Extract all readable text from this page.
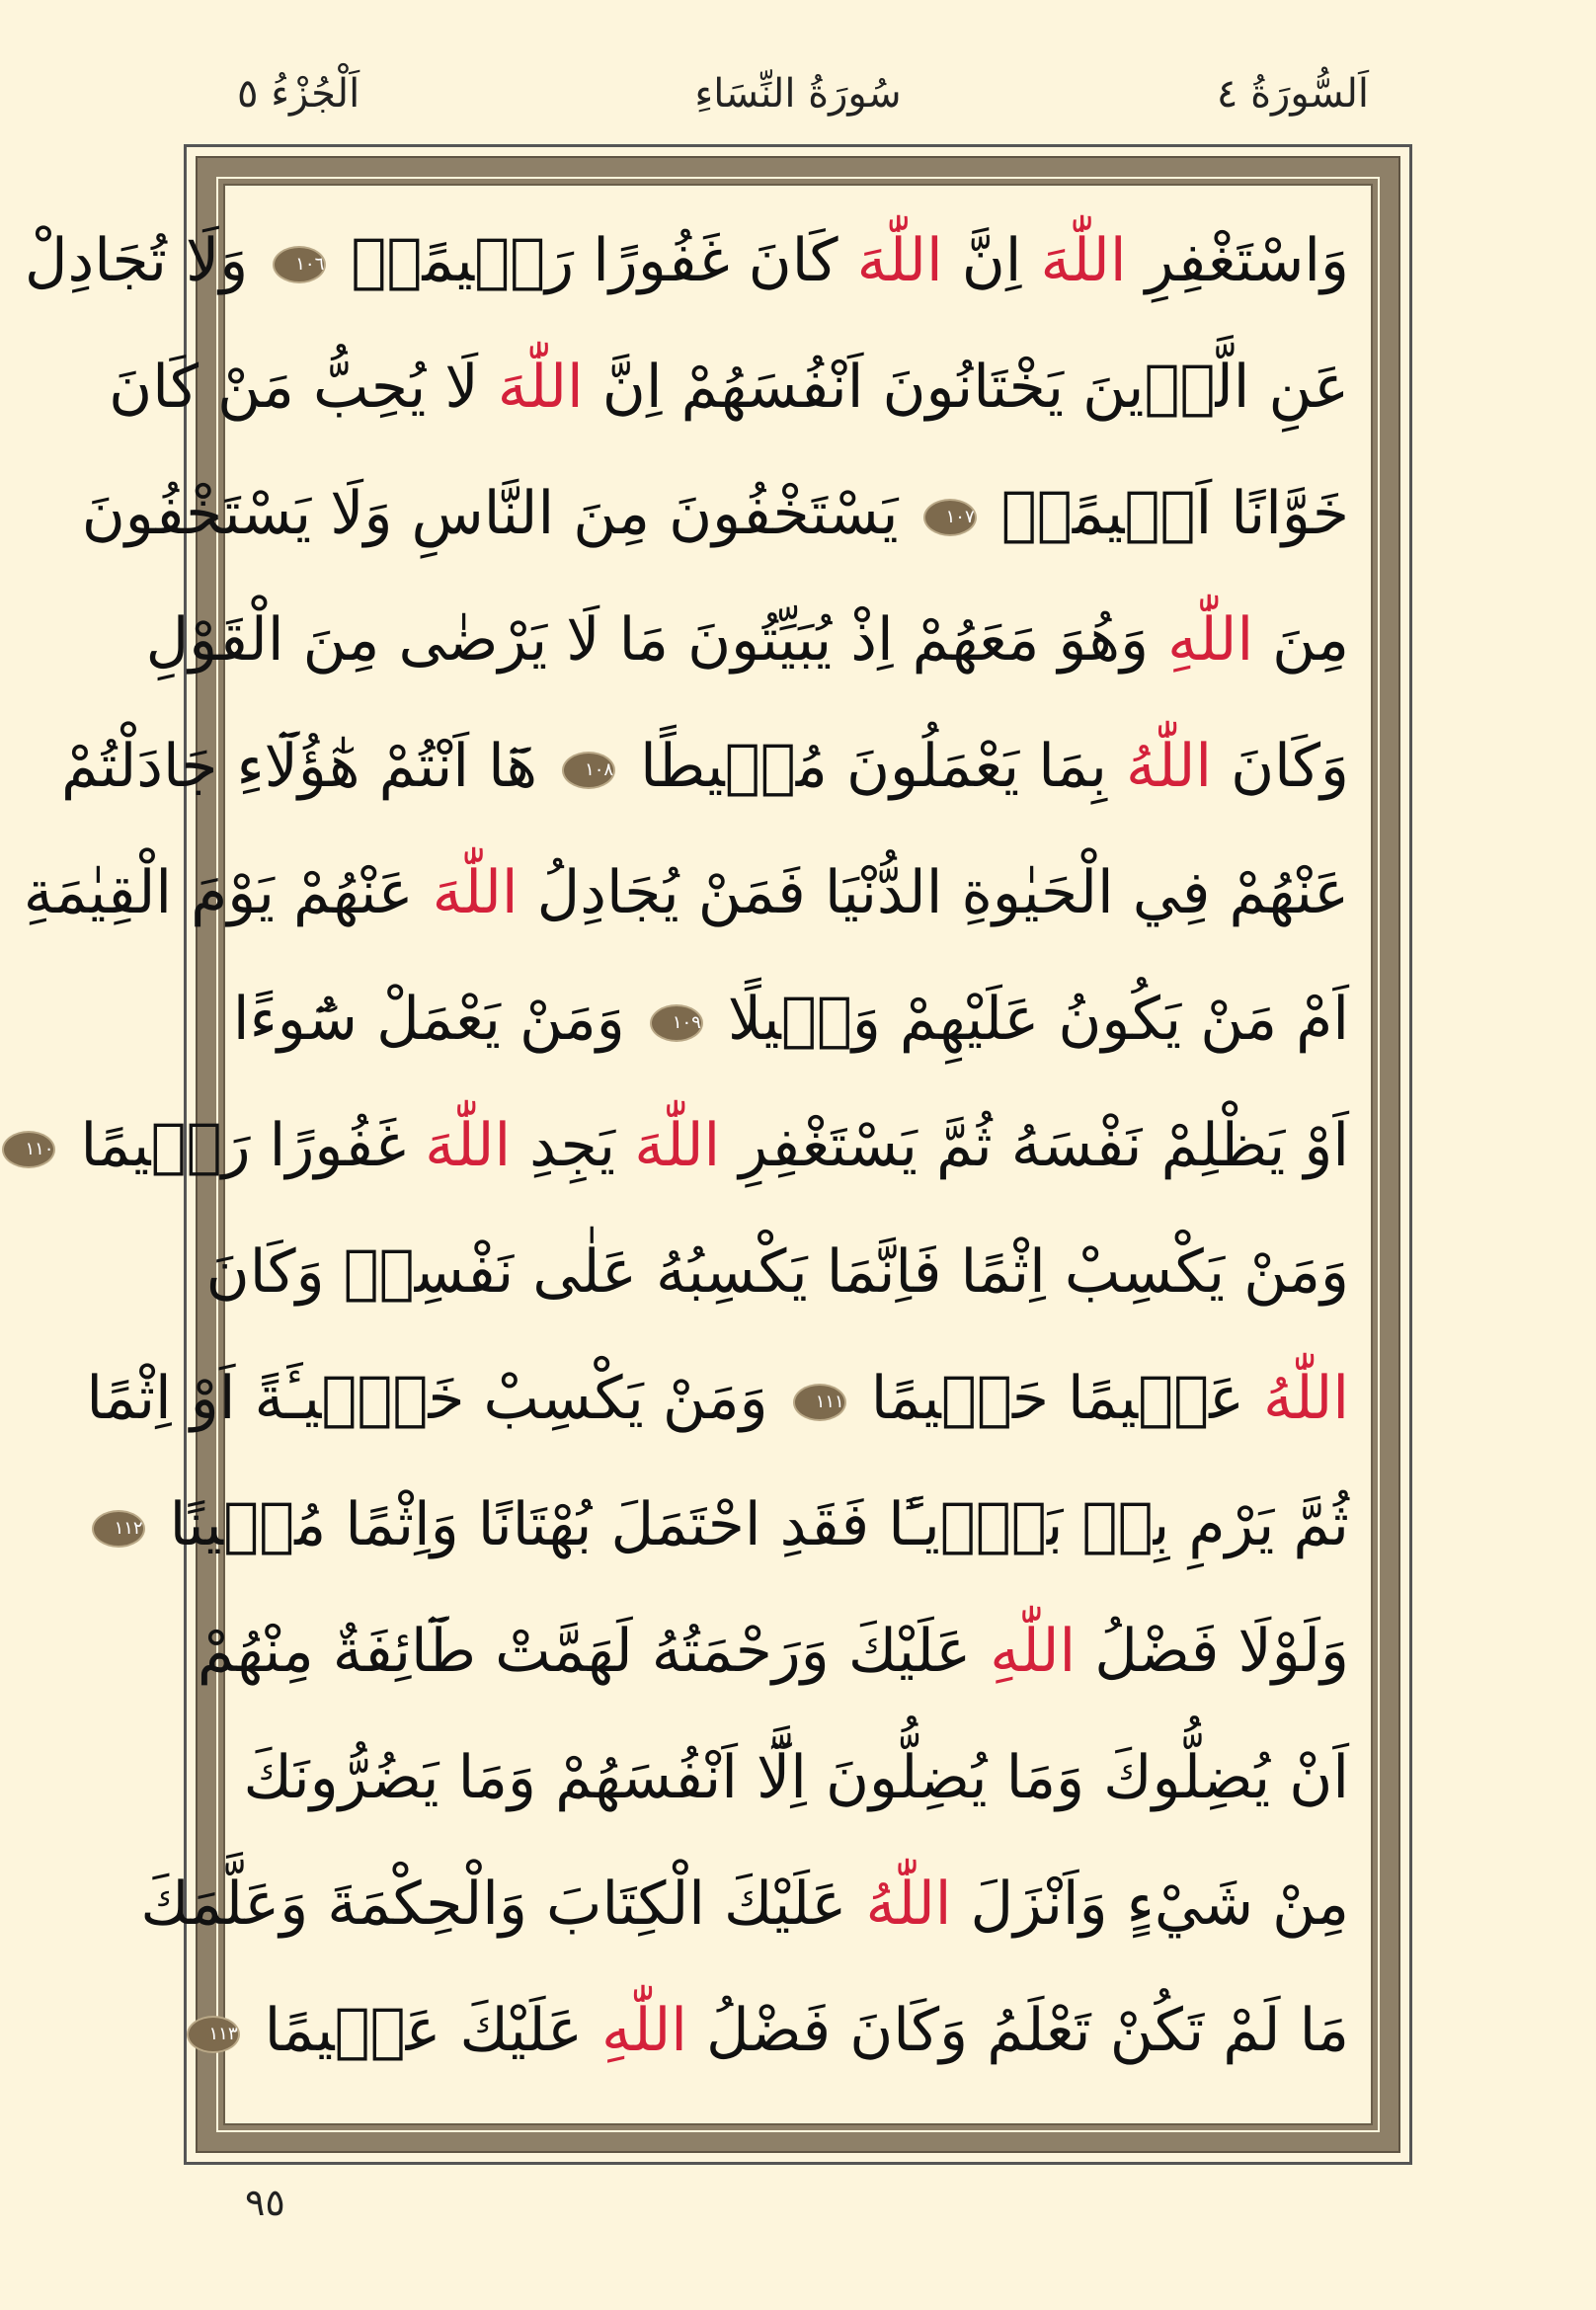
اَلْجُزْءُ ٥	سُورَةُ النِّسَاءِ	اَلسُّورَةُ ٤
وَاسْتَغْفِرِ اللّٰهَ اِنَّ اللّٰهَ كَانَ غَفُورًا رَح۪يمًاۚ ١٠٦ وَلَا تُجَادِلْ
عَنِ الَّذ۪ينَ يَخْتَانُونَ اَنْفُسَهُمْ اِنَّ اللّٰهَ لَا يُحِبُّ مَنْ كَانَ
خَوَّانًا اَث۪يمًاۚ ١٠٧ يَسْتَخْفُونَ مِنَ النَّاسِ وَلَا يَسْتَخْفُونَ
مِنَ اللّٰهِ وَهُوَ مَعَهُمْ اِذْ يُبَيِّتُونَ مَا لَا يَرْضٰى مِنَ الْقَوْلِ
وَكَانَ اللّٰهُ بِمَا يَعْمَلُونَ مُح۪يطًا ١٠٨ هَٓا اَنْتُمْ هٰٓؤُلَٓاءِ جَادَلْتُمْ
عَنْهُمْ فِي الْحَيٰوةِ الدُّنْيَا فَمَنْ يُجَادِلُ اللّٰهَ عَنْهُمْ يَوْمَ الْقِيٰمَةِ
اَمْ مَنْ يَكُونُ عَلَيْهِمْ وَك۪يلًا ١٠٩ وَمَنْ يَعْمَلْ سُٓوءًا
اَوْ يَظْلِمْ نَفْسَهُ ثُمَّ يَسْتَغْفِرِ اللّٰهَ يَجِدِ اللّٰهَ غَفُورًا رَح۪يمًا ١١٠
وَمَنْ يَكْسِبْ اِثْمًا فَاِنَّمَا يَكْسِبُهُ عَلٰى نَفْسِه۪ وَكَانَ
اللّٰهُ عَل۪يمًا حَك۪يمًا ١١١ وَمَنْ يَكْسِبْ خَط۪ٓيـَٔةً اَوْ اِثْمًا
ثُمَّ يَرْمِ بِه۪ بَر۪ٓيـًٔا فَقَدِ احْتَمَلَ بُهْتَانًا وَاِثْمًا مُب۪ينًا ١١٢
وَلَوْلَا فَضْلُ اللّٰهِ عَلَيْكَ وَرَحْمَتُهُ لَهَمَّتْ طَٓائِفَةٌ مِنْهُمْ
اَنْ يُضِلُّوكَ وَمَا يُضِلُّونَ اِلَّٓا اَنْفُسَهُمْ وَمَا يَضُرُّونَكَ
مِنْ شَيْءٍ وَاَنْزَلَ اللّٰهُ عَلَيْكَ الْكِتَابَ وَالْحِكْمَةَ وَعَلَّمَكَ
مَا لَمْ تَكُنْ تَعْلَمُ وَكَانَ فَضْلُ اللّٰهِ عَلَيْكَ عَظ۪يمًا ١١٣
٩٥
